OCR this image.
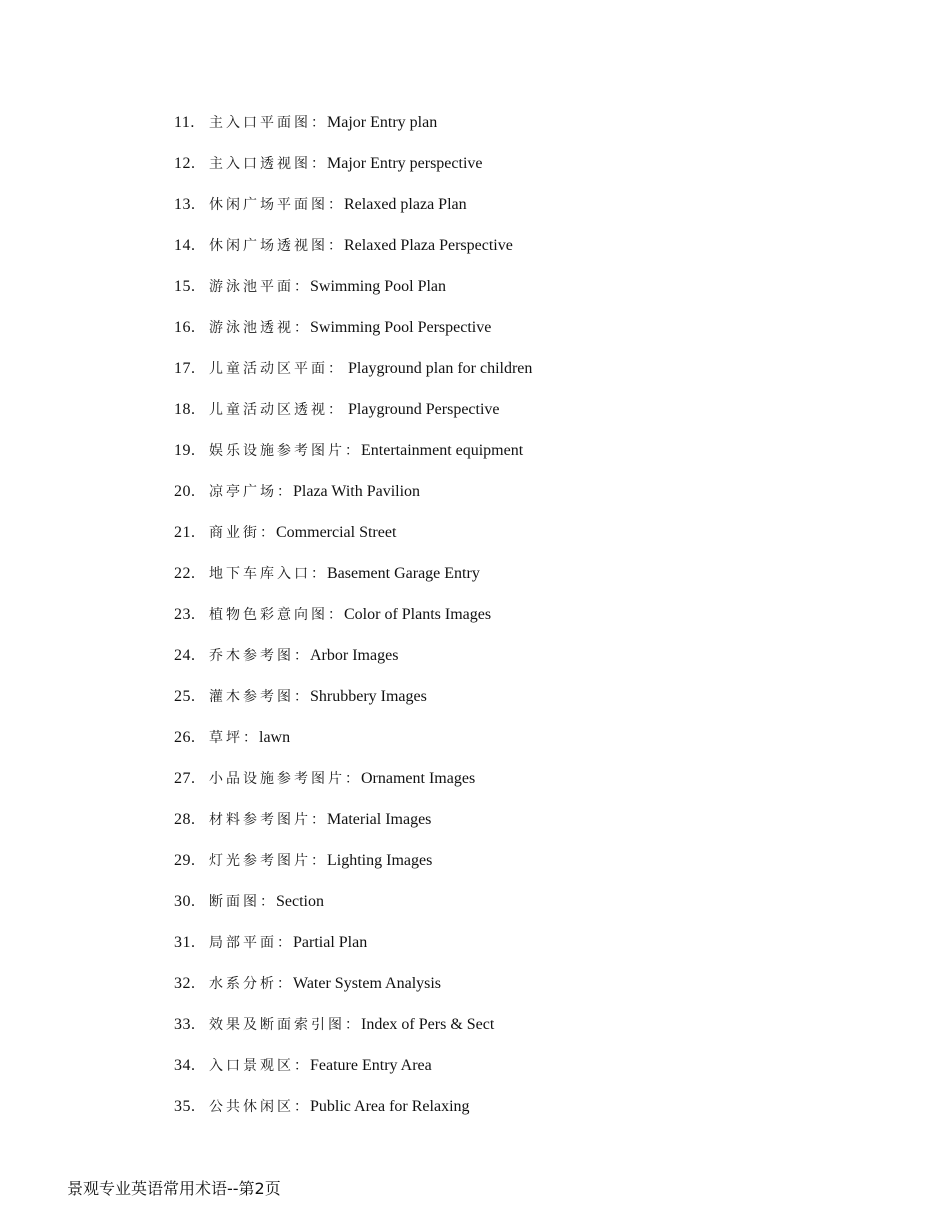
11.	主入口平面图 ： Major Entry plan
12. 主入口透视图 ： Major Entry perspective
13. 休闲广场平面图 ： Relaxed plaza Plan
14. 休闲广场透视图 ： Relaxed Plaza Perspective
15. 游泳池平面 ： Swimming Pool Plan
16. 游泳池透视 ： Swimming Pool Perspective
17. 儿童活动区平面 ： Playground plan for children
18. 儿童活动区透视 ： Playground Perspective
19. 娱乐设施参考图片 ： Entertainment equipment
20. 凉亭广场 ： Plaza With Pavilion
21. 商业街 ： Commercial Street
22. 地下车库入口 ： Basement Garage Entry
23. 植物色彩意向图 ： Color of Plants Images
24. 乔木参考图 ： Arbor Images
25. 灌木参考图 ： Shrubbery Images
26. 草坪 ： lawn
27. 小品设施参考图片 ： Ornament Images
28. 材料参考图片 ： Material Images
29. 灯光参考图片 ： Lighting Images
30. 断面图 ： Section
31. 局部平面 ： Partial Plan
32. 水系分析 ： Water System Analysis
33. 效果及断面索引图 ： Index of Pers & Sect
34. 入口景观区 ： Feature Entry Area
35. 公共休闲区 ： Public Area for Relaxing
景观专业英语常用术语--第2页
